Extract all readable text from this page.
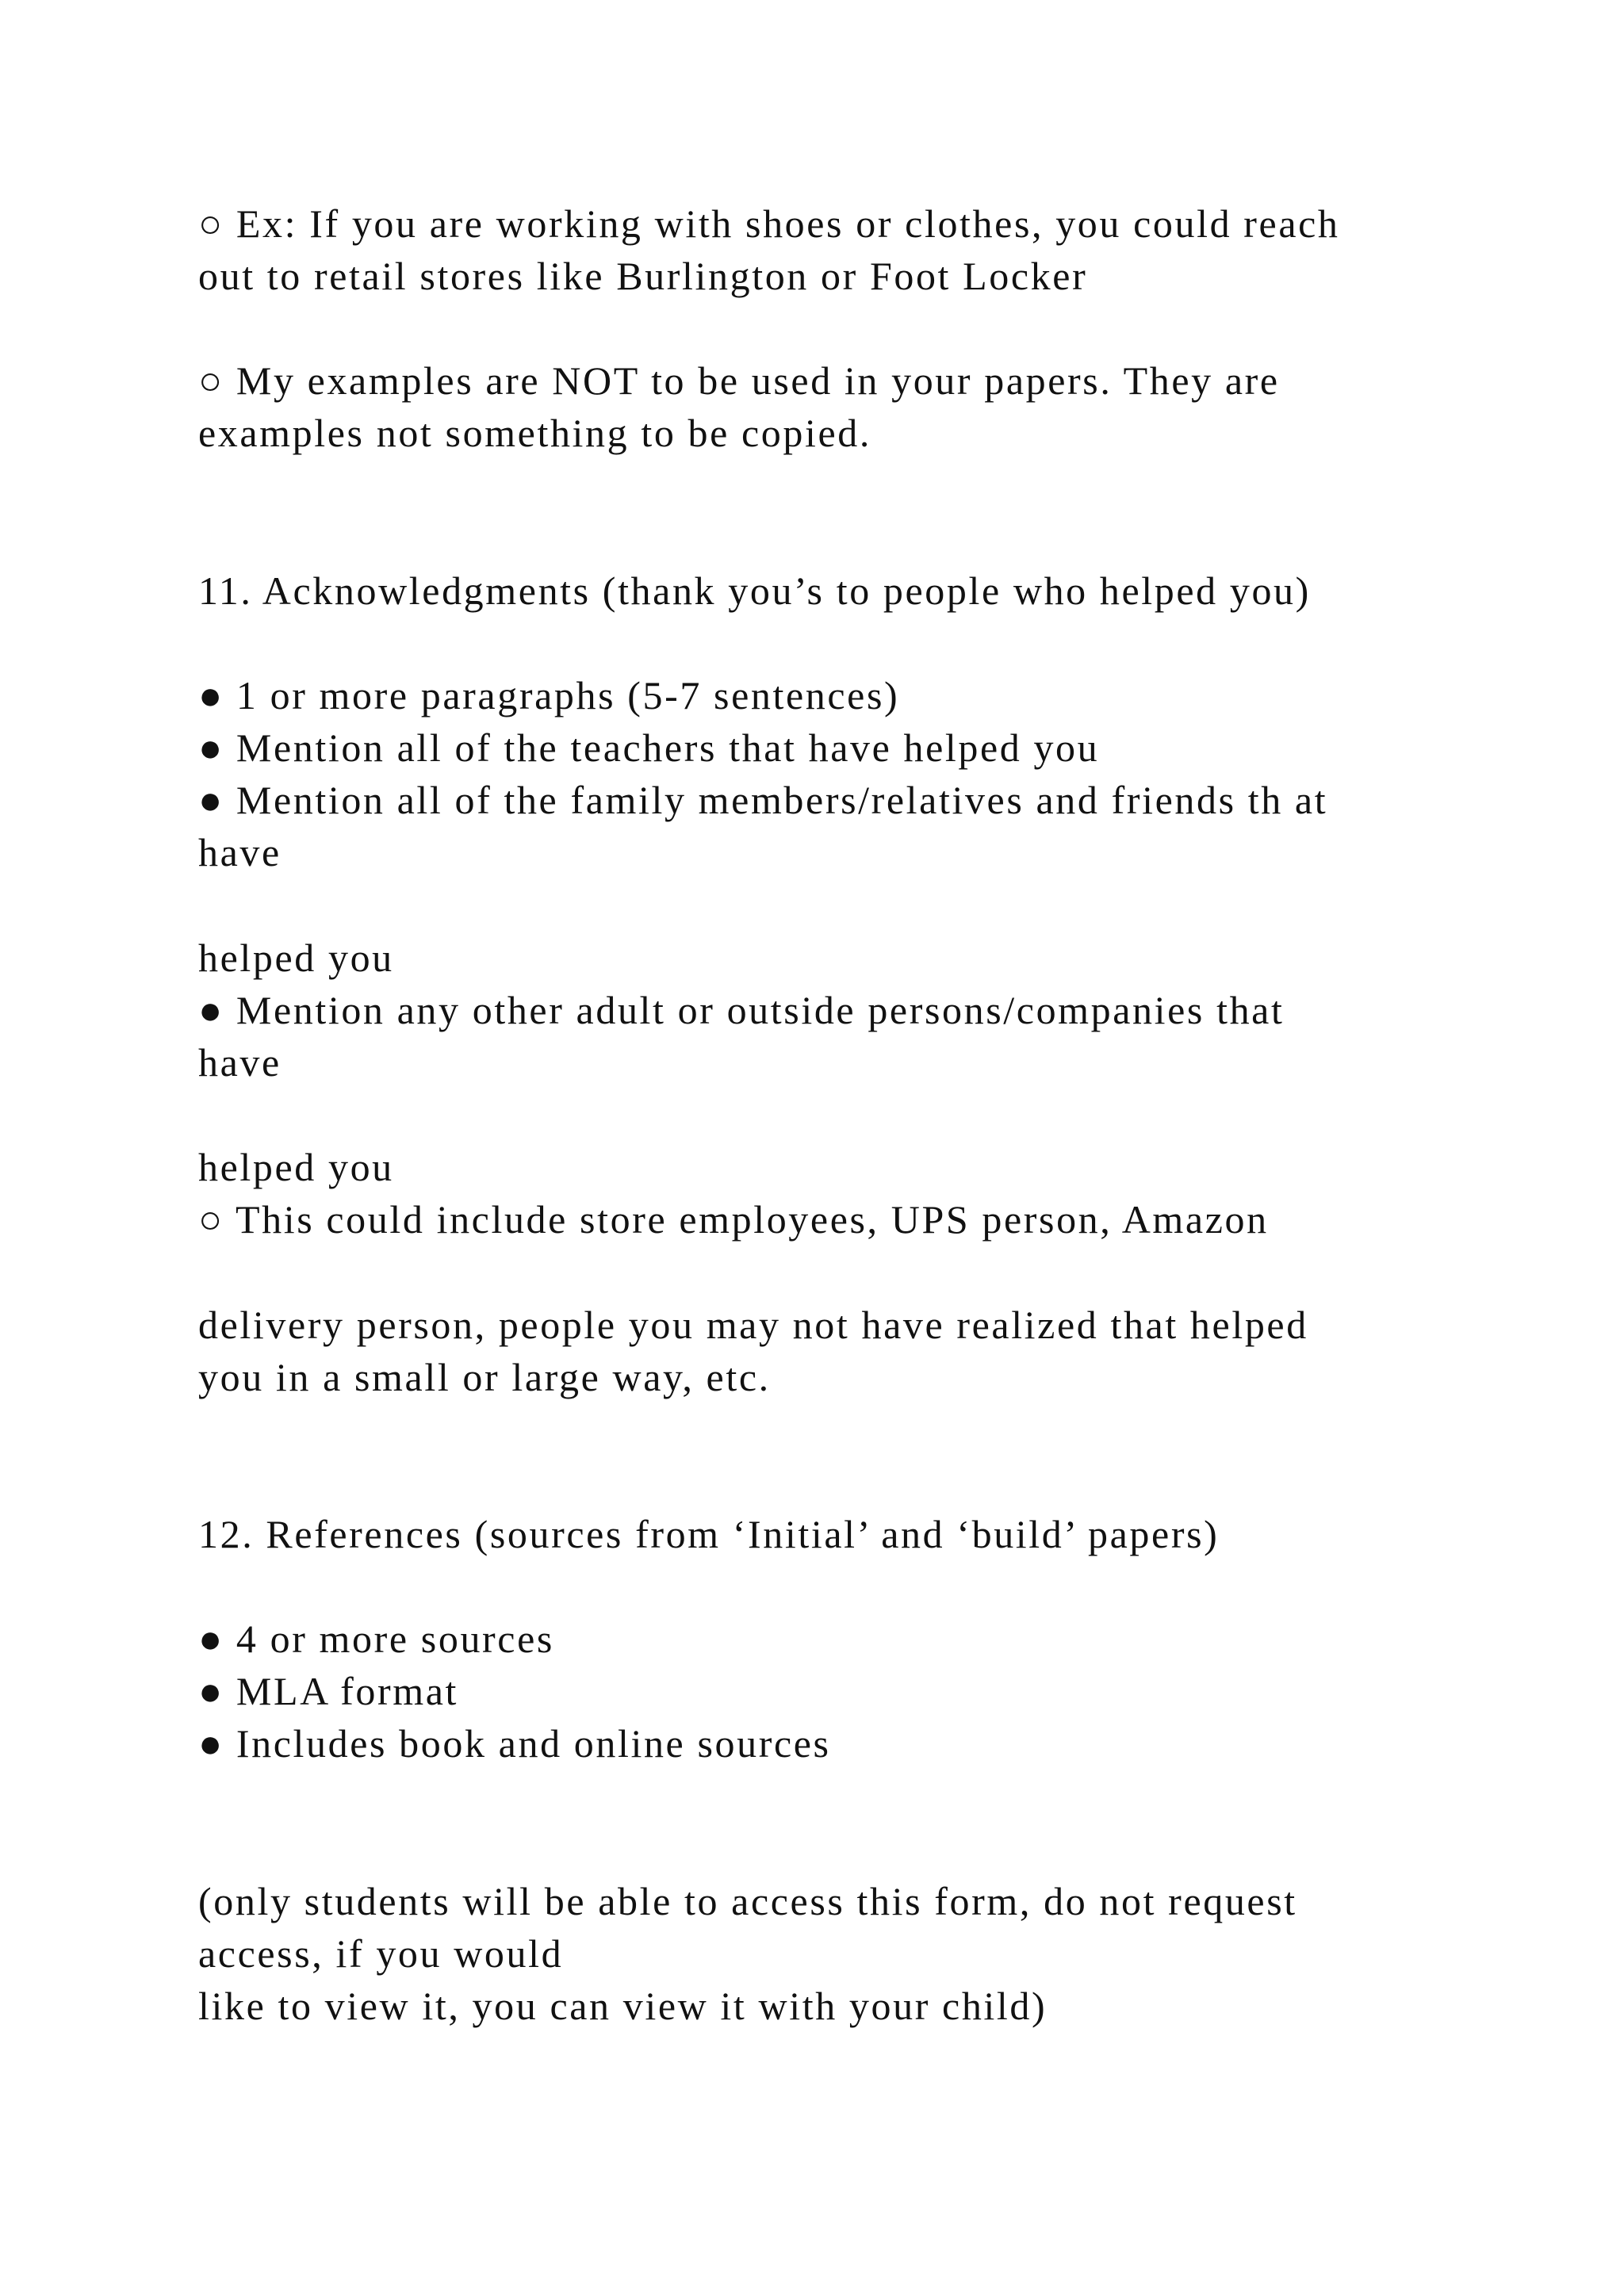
○ Ex: If you are working with shoes or clothes, you could reach
out to retail stores like Burlington or Foot Locker
○ My examples are NOT to be used in your papers. They are
examples not something to be copied.
11. Acknowledgments (thank you’s to people who helped you)
● 1 or more paragraphs (5-7 sentences)
● Mention all of the teachers that have helped you
● Mention all of the family members/relatives and friends th at
have
helped you
● Mention any other adult or outside persons/companies that
have
helped you
○ This could include store employees, UPS person, Amazon
delivery person, people you may not have realized that helped
you in a small or large way, etc.
12. References (sources from ‘Initial’ and ‘build’ papers)
● 4 or more sources
● MLA format
● Includes book and online sources
(only students will be able to access this form, do not request
access, if you would
like to view it, you can view it with your child)
